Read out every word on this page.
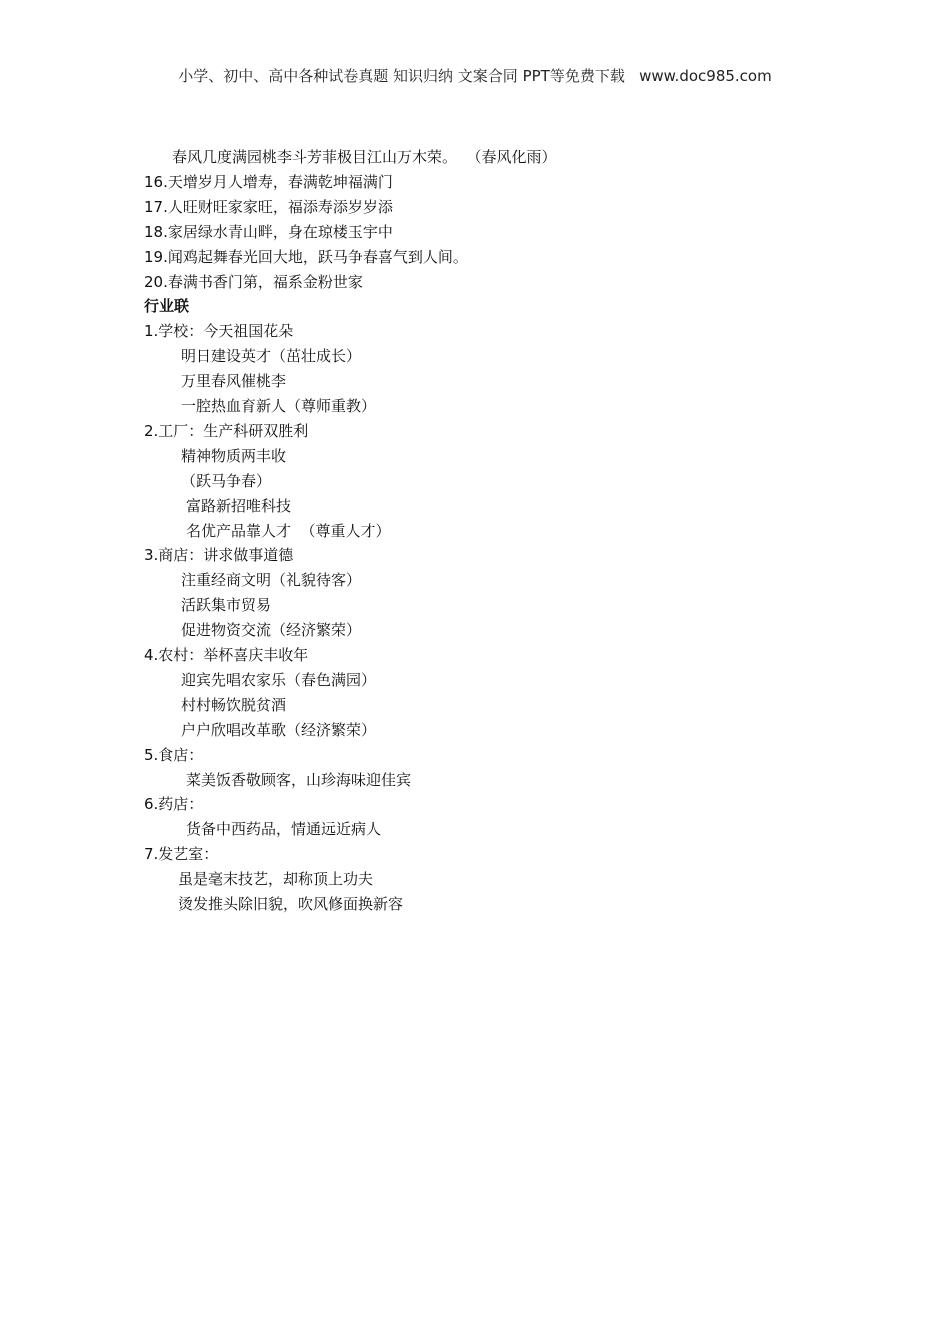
小学、初中、高中各种试卷真题 知识归纳 文案合同 PPT等免费下载   www.doc985.com
春风几度满园桃李斗芳菲极目江山万木荣。  （春风化雨）
16.天增岁月人增寿，春满乾坤福满门
17.人旺财旺家家旺，福添寿添岁岁添
18.家居绿水青山畔，身在琼楼玉宇中
19.闻鸡起舞春光回大地，跃马争春喜气到人间。
20.春满书香门第，福系金粉世家
行业联
1.学校：今天祖国花朵
明日建设英才（茁壮成长）
万里春风催桃李
一腔热血育新人（尊师重教）
2.工厂：生产科研双胜利
精神物质两丰收
（跃马争春）
富路新招唯科技
名优产品靠人才  （尊重人才）
3.商店：讲求做事道德
注重经商文明（礼貌待客）
活跃集市贸易
促进物资交流（经济繁荣）
4.农村：举杯喜庆丰收年
迎宾先唱农家乐（春色满园）
村村畅饮脱贫酒
户户欣唱改革歌（经济繁荣）
5.食店：
菜美饭香敬顾客，山珍海味迎佳宾
6.药店：
货备中西药品，情通远近病人
7.发艺室：
虽是毫末技艺，却称顶上功夫
烫发推头除旧貌，吹风修面换新容
